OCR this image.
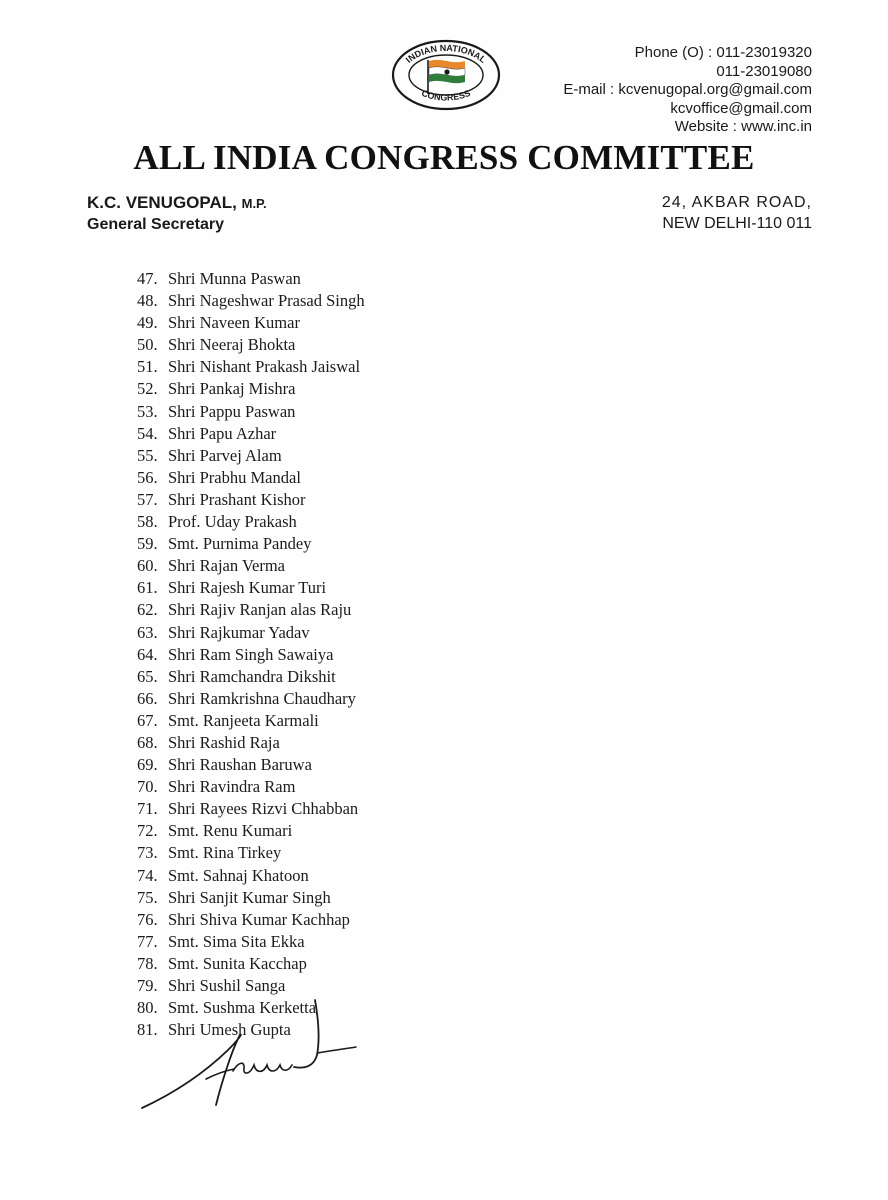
INDIAN NATIONAL
CONGRESS
Phone (O) : 011-23019320
011-23019080
E-mail : kcvenugopal.org@gmail.com
kcvoffice@gmail.com
Website : www.inc.in
ALL INDIA CONGRESS COMMITTEE
K.C. VENUGOPAL, M.P.
General Secretary
24, AKBAR ROAD,
NEW DELHI-110 011
47. Shri Munna Paswan
48. Shri Nageshwar Prasad Singh
49. Shri Naveen Kumar
50. Shri Neeraj Bhokta
51. Shri Nishant Prakash Jaiswal
52. Shri Pankaj Mishra
53. Shri Pappu Paswan
54. Shri Papu Azhar
55. Shri Parvej Alam
56. Shri Prabhu Mandal
57. Shri Prashant Kishor
58. Prof. Uday Prakash
59. Smt. Purnima Pandey
60. Shri Rajan Verma
61. Shri Rajesh Kumar Turi
62. Shri Rajiv Ranjan alas Raju
63. Shri Rajkumar Yadav
64. Shri Ram Singh Sawaiya
65. Shri Ramchandra Dikshit
66. Shri Ramkrishna Chaudhary
67. Smt. Ranjeeta Karmali
68. Shri Rashid Raja
69. Shri Raushan Baruwa
70. Shri Ravindra Ram
71. Shri Rayees Rizvi Chhabban
72. Smt. Renu Kumari
73. Smt. Rina Tirkey
74. Smt. Sahnaj Khatoon
75. Shri Sanjit Kumar Singh
76. Shri Shiva Kumar Kachhap
77. Smt. Sima Sita Ekka
78. Smt. Sunita Kacchap
79. Shri Sushil Sanga
80. Smt. Sushma Kerketta
81. Shri Umesh Gupta
